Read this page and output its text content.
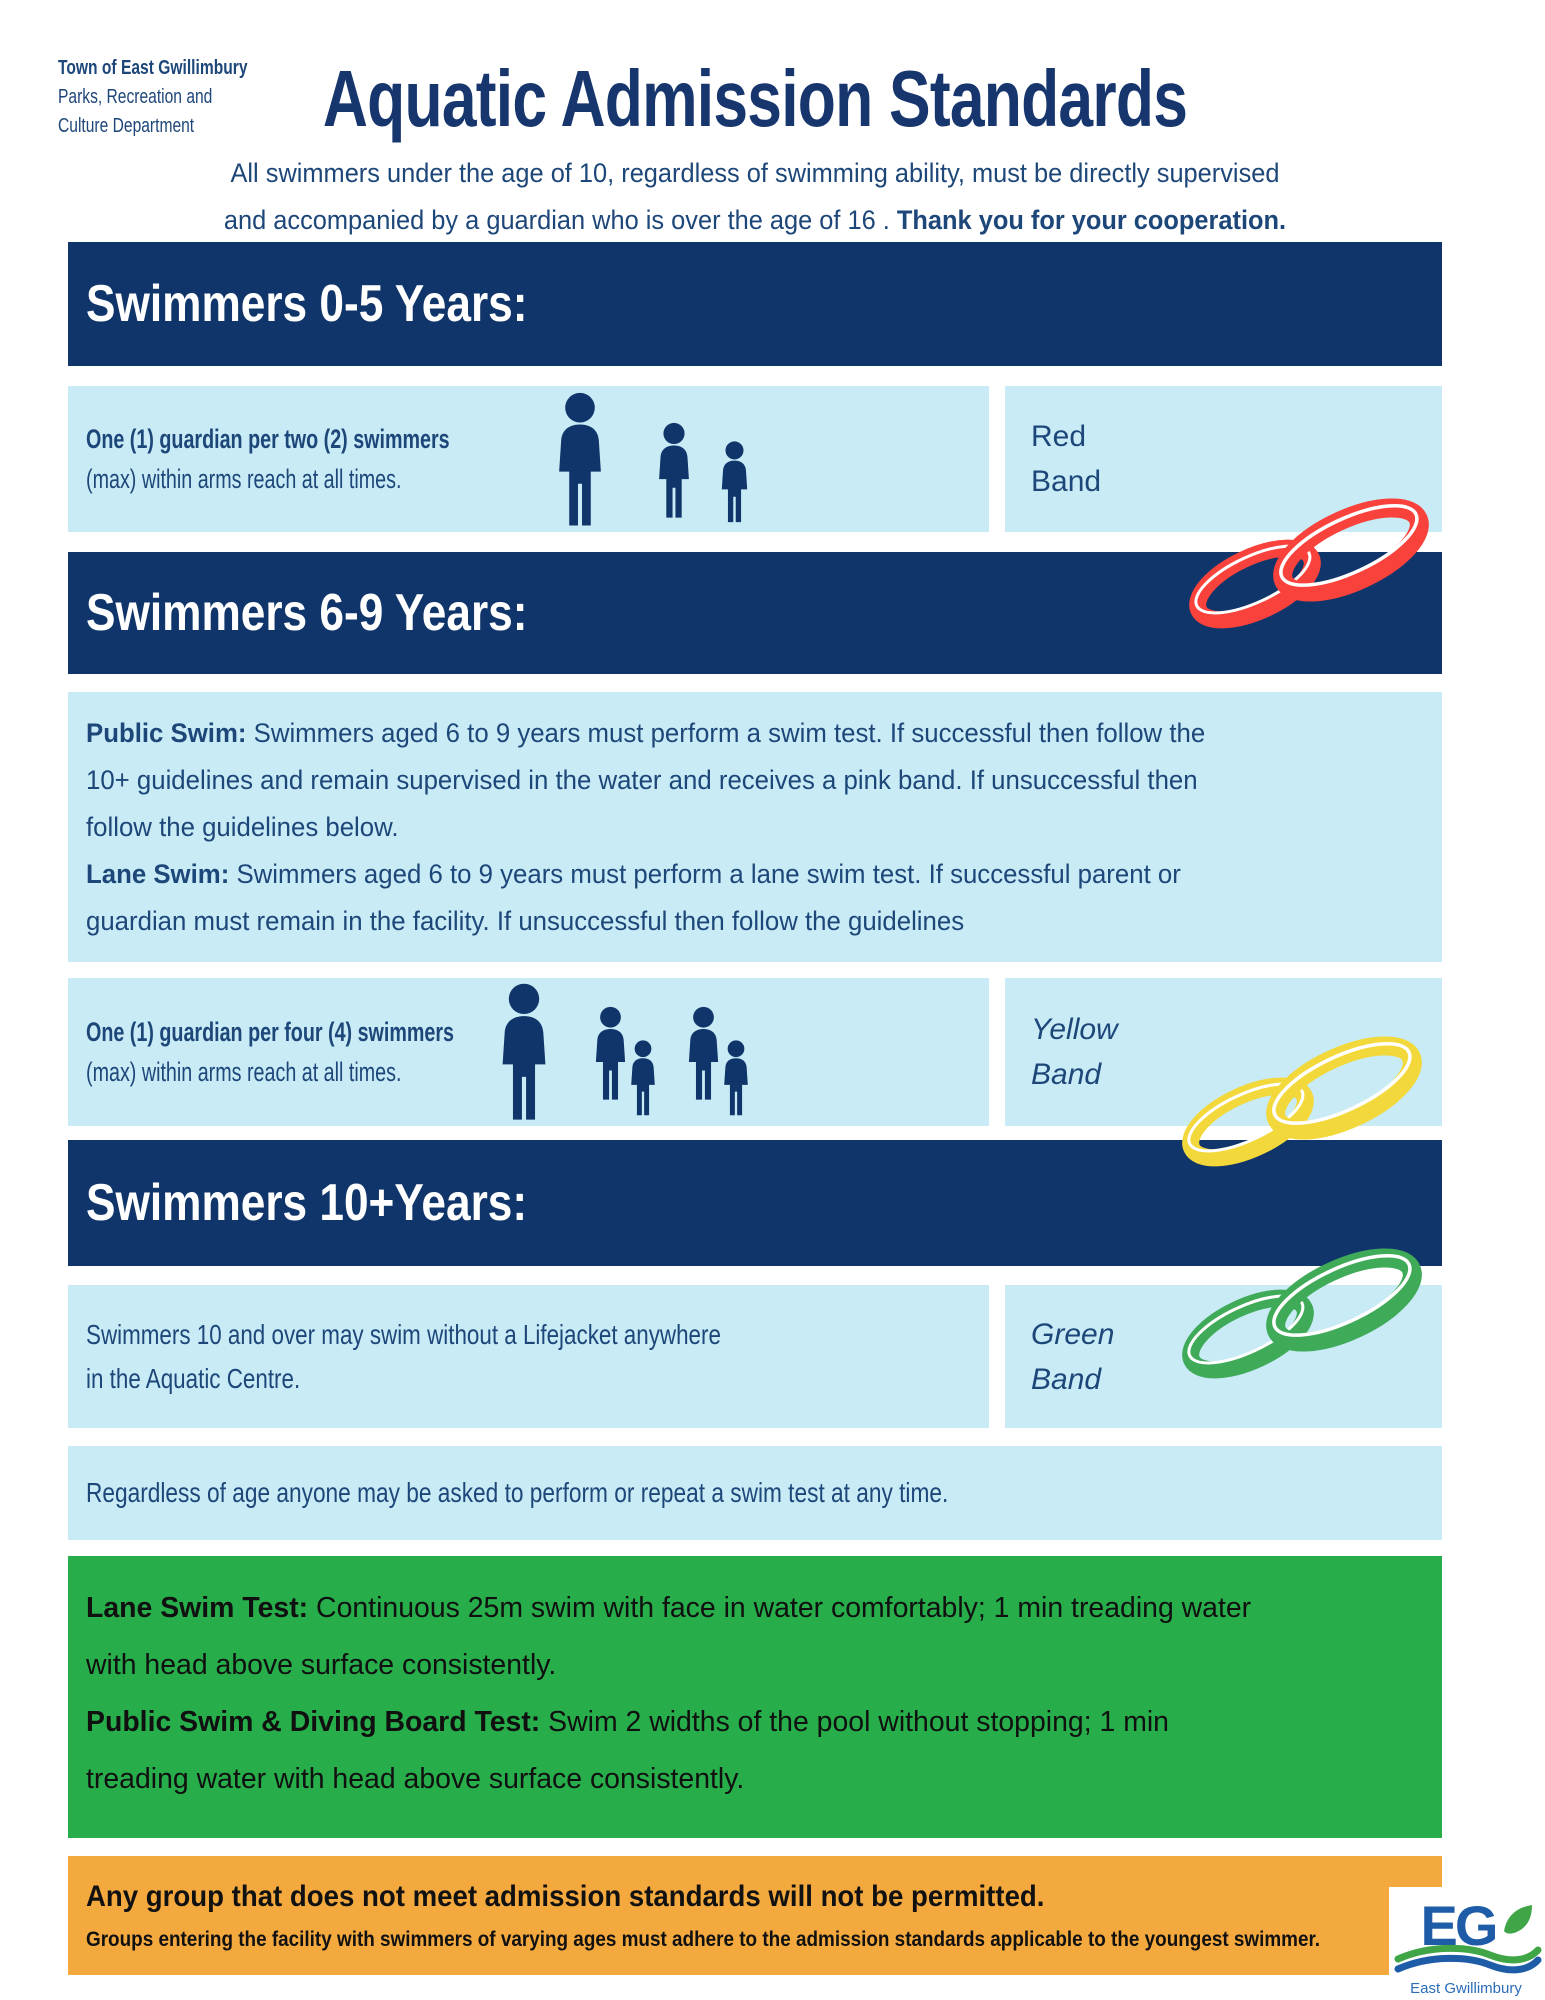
Town of East Gwillimbury
Parks, Recreation and
Culture Department	Aquatic Admission Standards
All swimmers under the age of 10, regardless of swimming ability, must be directly supervised
and accompanied by a guardian who is over the age of 16 . Thank you for your cooperation.
Swimmers 0-5 Years:
One (1) guardian per two (2) swimmers
(max) within arms reach at all times.
Red
Band
Swimmers 6-9 Years:
Public Swim: Swimmers aged 6 to 9 years must perform a swim test. If successful then follow the
10+ guidelines and remain supervised in the water and receives a pink band. If unsuccessful then
follow the guidelines below.
Lane Swim: Swimmers aged 6 to 9 years must perform a lane swim test. If successful parent or
guardian must remain in the facility. If unsuccessful then follow the guidelines
One (1) guardian per four (4) swimmers
(max) within arms reach at all times.
Yellow
Band
Swimmers 10+Years:
Swimmers 10 and over may swim without a Lifejacket anywhere
in the Aquatic Centre.
Green
Band
Regardless of age anyone may be asked to perform or repeat a swim test at any time.
Lane Swim Test: Continuous 25m swim with face in water comfortably; 1 min treading water
with head above surface consistently.
Public Swim & Diving Board Test: Swim 2 widths of the pool without stopping; 1 min
treading water with head above surface consistently.
Any group that does not meet admission standards will not be permitted.
Groups entering the facility with swimmers of varying ages must adhere to the admission standards applicable to the youngest swimmer. EG
East Gwillimbury
